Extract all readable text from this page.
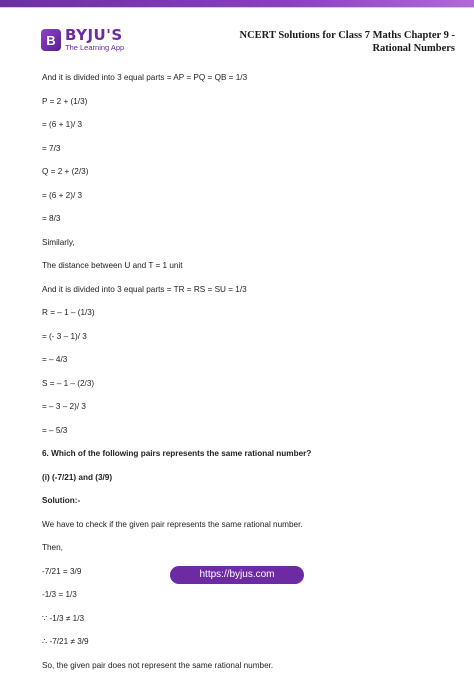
B BYJU'S
The Learning App
NCERT Solutions for Class 7 Maths Chapter 9 -
Rational Numbers
And it is divided into 3 equal parts = AP = PQ = QB = 1/3
P = 2 + (1/3)
= (6 + 1)/ 3
= 7/3
Q = 2 + (2/3)
= (6 + 2)/ 3
= 8/3
Similarly,
The distance between U and T = 1 unit
And it is divided into 3 equal parts = TR = RS = SU = 1/3
R = – 1 – (1/3)
= (- 3 – 1)/ 3
= – 4/3
S = – 1 – (2/3)
= – 3 – 2)/ 3
= – 5/3
6. Which of the following pairs represents the same rational number?
(i) (-7/21) and (3/9)
Solution:-
We have to check if the given pair represents the same rational number.
Then,
-7/21 = 3/9
-1/3 = 1/3
∵ -1/3 ≠ 1/3
∴ -7/21 ≠ 3/9
So, the given pair does not represent the same rational number.
https://byjus.com
